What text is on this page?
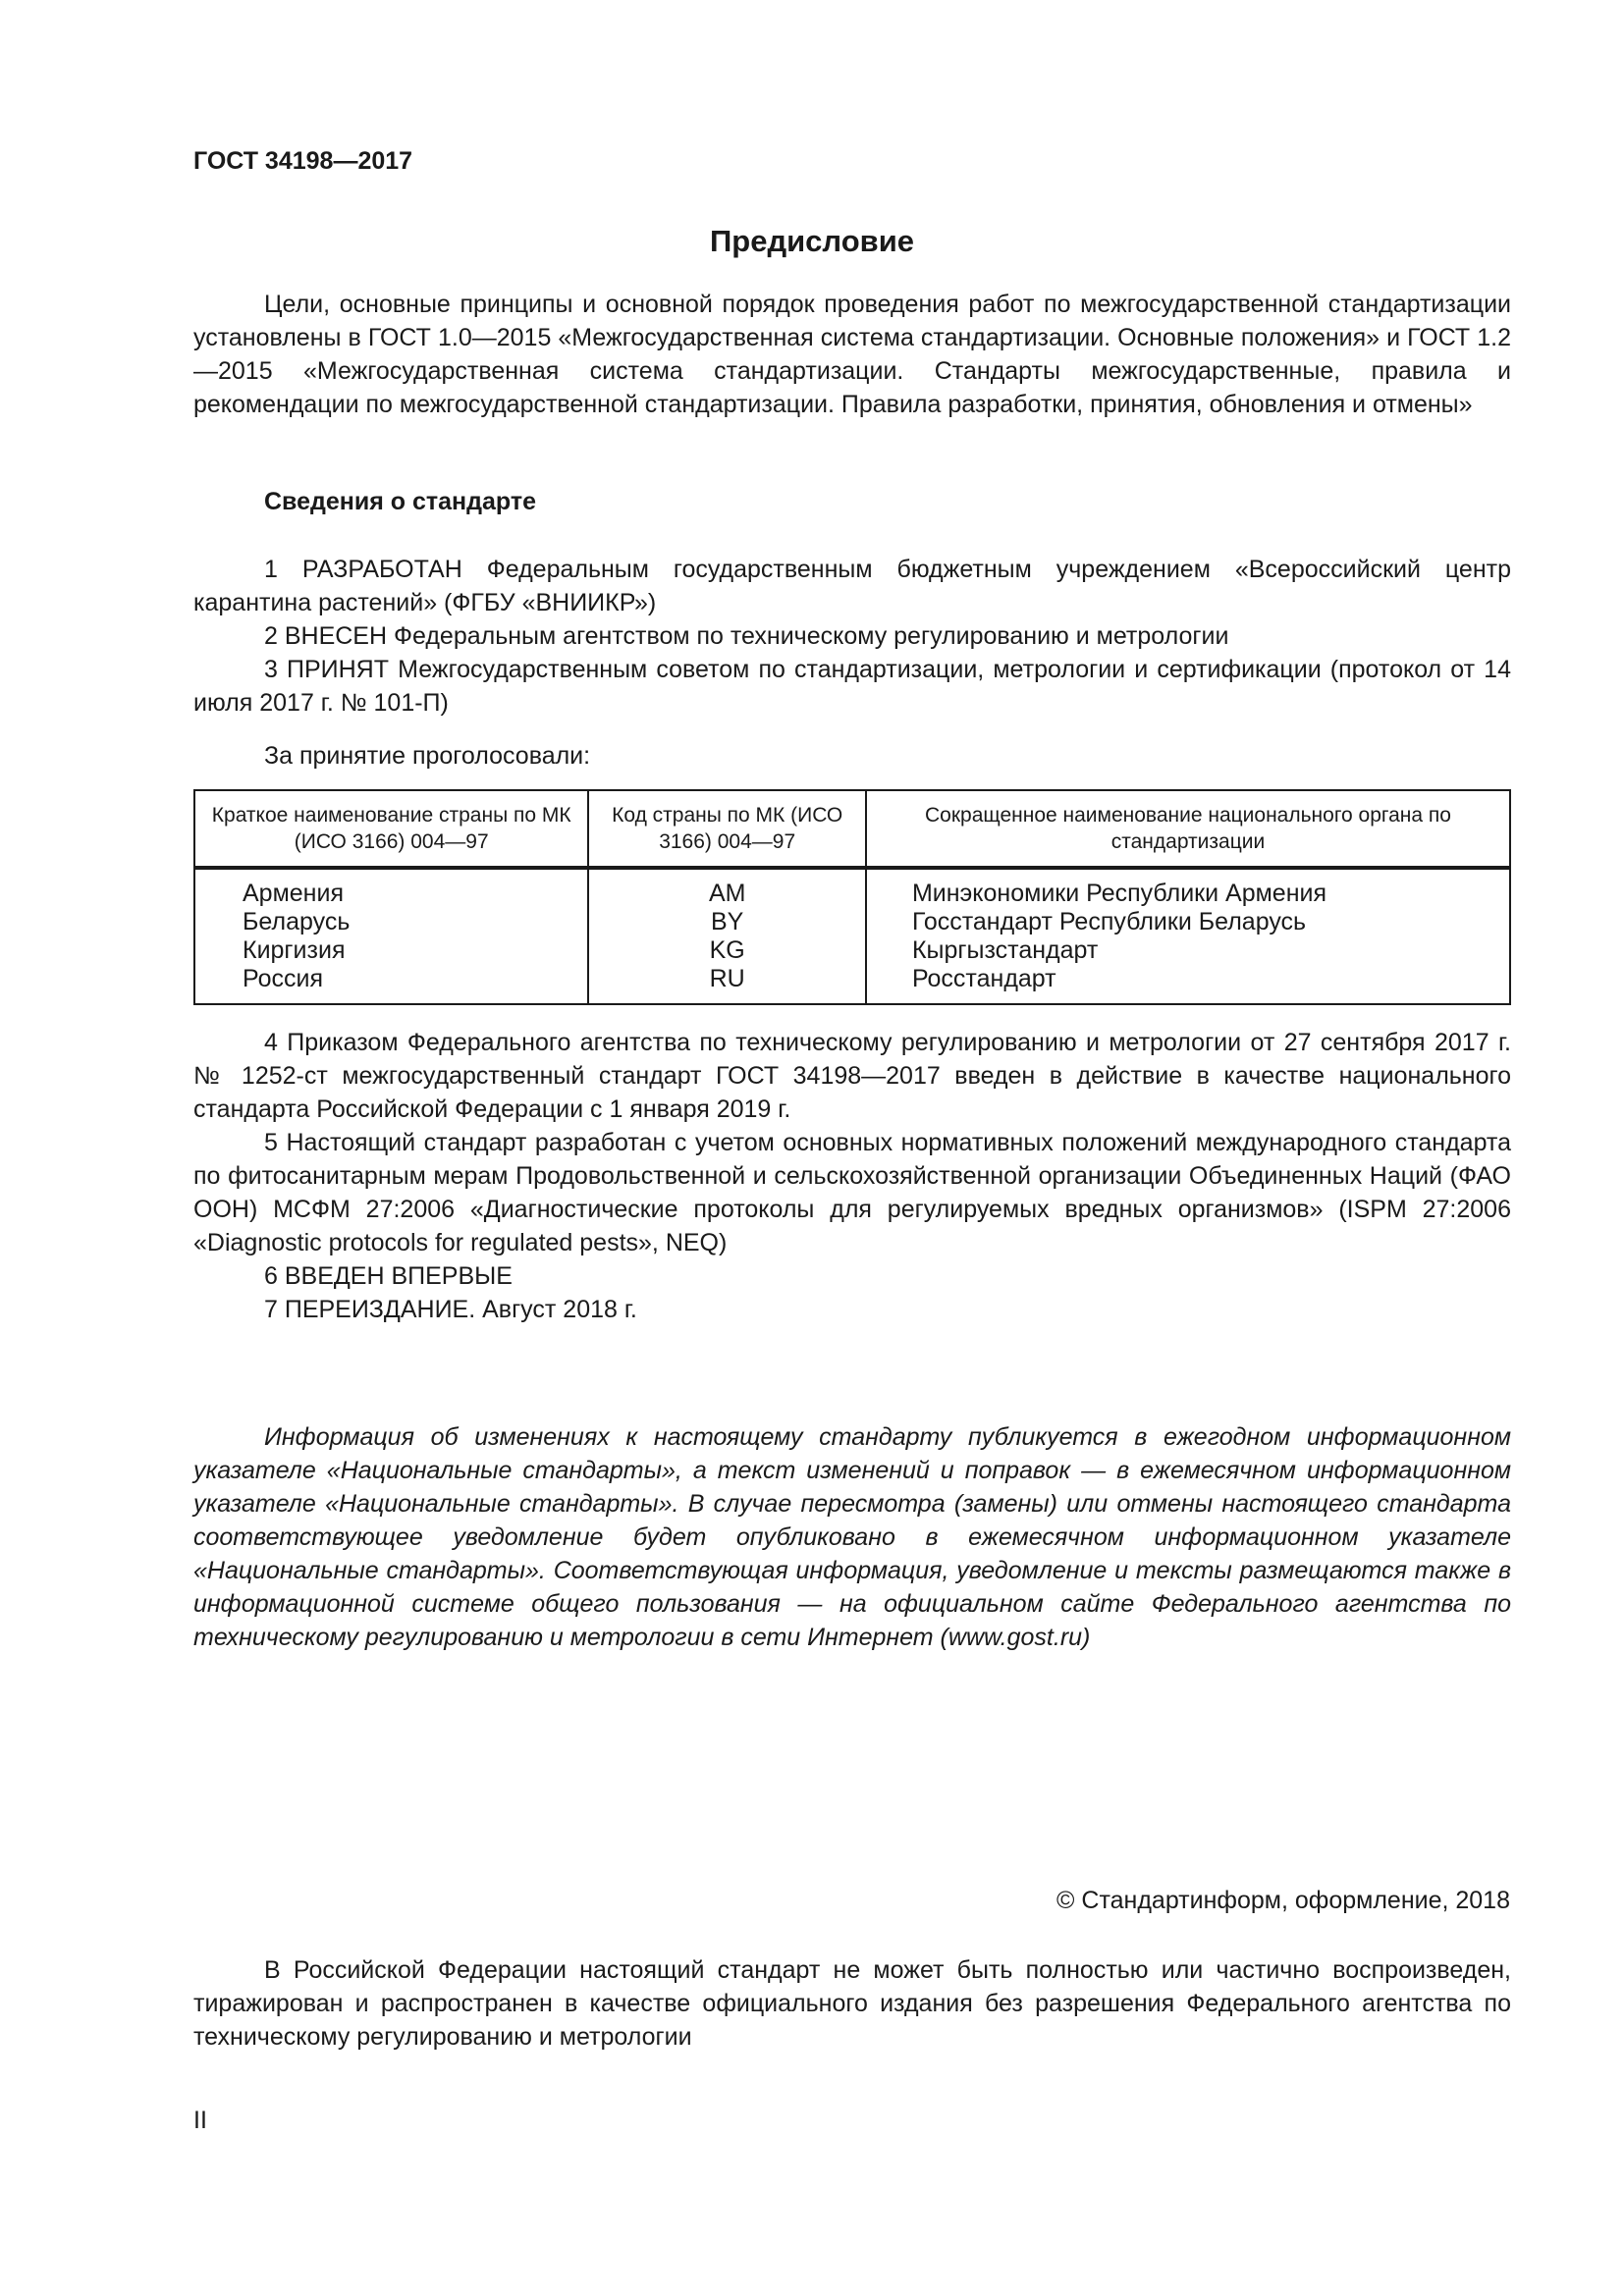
ГОСТ 34198—2017
Предисловие

Цели, основные принципы и основной порядок проведения работ по межгосударственной стандартизации установлены в ГОСТ 1.0—2015 «Межгосударственная система стандартизации. Основные положения» и ГОСТ 1.2—2015 «Межгосударственная система стандартизации. Стандарты межгосударственные, правила и рекомендации по межгосударственной стандартизации. Правила разработки, принятия, обновления и отмены»

Сведения о стандарте

1 РАЗРАБОТАН Федеральным государственным бюджетным учреждением «Всероссийский центр карантина растений» (ФГБУ «ВНИИКР»)

2 ВНЕСЕН Федеральным агентством по техническому регулированию и метрологии

3 ПРИНЯТ Межгосударственным советом по стандартизации, метрологии и сертификации (протокол от 14 июля 2017 г. № 101-П)

За принятие проголосовали:
Краткое наименование страны по МК (ИСО 3166) 004—97	Код страны по МК (ИСО 3166) 004—97	Сокращенное наименование национального органа по стандартизации
Армения	AM	Минэкономики Республики Армения
Беларусь	BY	Госстандарт Республики Беларусь
Киргизия	KG	Кыргызстандарт
Россия	RU	Росстандарт

4 Приказом Федерального агентства по техническому регулированию и метрологии от 27 сентября 2017 г. № 1252-ст межгосударственный стандарт ГОСТ 34198—2017 введен в действие в качестве национального стандарта Российской Федерации с 1 января 2019 г.

5 Настоящий стандарт разработан с учетом основных нормативных положений международного стандарта по фитосанитарным мерам Продовольственной и сельскохозяйственной организации Объединенных Наций (ФАО ООН) МСФМ 27:2006 «Диагностические протоколы для регулируемых вредных организмов» (ISPM 27:2006 «Diagnostic protocols for regulated pests», NEQ)

6 ВВЕДЕН ВПЕРВЫЕ

7 ПЕРЕИЗДАНИЕ. Август 2018 г.

Информация об изменениях к настоящему стандарту публикуется в ежегодном информационном указателе «Национальные стандарты», а текст изменений и поправок — в ежемесячном информационном указателе «Национальные стандарты». В случае пересмотра (замены) или отмены настоящего стандарта соответствующее уведомление будет опубликовано в ежемесячном информационном указателе «Национальные стандарты». Соответствующая информация, уведомление и тексты размещаются также в информационной системе общего пользования — на официальном сайте Федерального агентства по техническому регулированию и метрологии в сети Интернет (www.gost.ru)

© Стандартинформ, оформление, 2018

В Российской Федерации настоящий стандарт не может быть полностью или частично воспроизведен, тиражирован и распространен в качестве официального издания без разрешения Федерального агентства по техническому регулированию и метрологии

II
